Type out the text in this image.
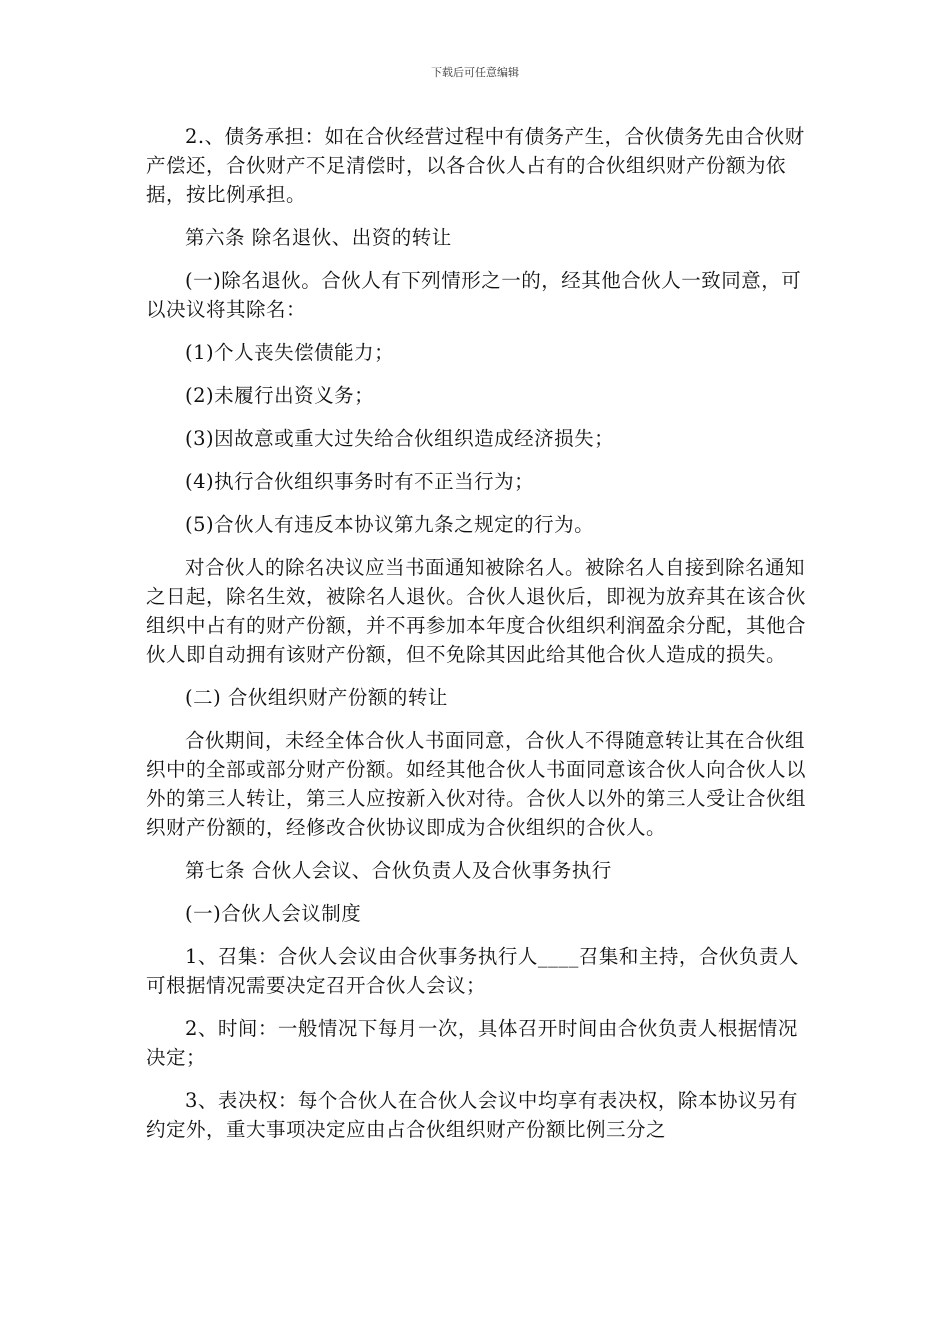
下载后可任意编辑

2.、债务承担：如在合伙经营过程中有债务产生，合伙债务先由合伙财产偿还，合伙财产不足清偿时，以各合伙人占有的合伙组织财产份额为依据，按比例承担。

第六条 除名退伙、出资的转让

(一)除名退伙。合伙人有下列情形之一的，经其他合伙人一致同意，可以决议将其除名：

(1)个人丧失偿债能力；

(2)未履行出资义务；

(3)因故意或重大过失给合伙组织造成经济损失；

(4)执行合伙组织事务时有不正当行为；

(5)合伙人有违反本协议第九条之规定的行为。

对合伙人的除名决议应当书面通知被除名人。被除名人自接到除名通知之日起，除名生效，被除名人退伙。合伙人退伙后，即视为放弃其在该合伙组织中占有的财产份额，并不再参加本年度合伙组织利润盈余分配，其他合伙人即自动拥有该财产份额，但不免除其因此给其他合伙人造成的损失。

(二) 合伙组织财产份额的转让

合伙期间，未经全体合伙人书面同意，合伙人不得随意转让其在合伙组织中的全部或部分财产份额。如经其他合伙人书面同意该合伙人向合伙人以外的第三人转让，第三人应按新入伙对待。合伙人以外的第三人受让合伙组织财产份额的，经修改合伙协议即成为合伙组织的合伙人。

第七条 合伙人会议、合伙负责人及合伙事务执行

(一)合伙人会议制度

1、召集：合伙人会议由合伙事务执行人____召集和主持，合伙负责人可根据情况需要决定召开合伙人会议；

2、时间：一般情况下每月一次，具体召开时间由合伙负责人根据情况决定；

3、表决权：每个合伙人在合伙人会议中均享有表决权，除本协议另有约定外，重大事项决定应由占合伙组织财产份额比例三分之
